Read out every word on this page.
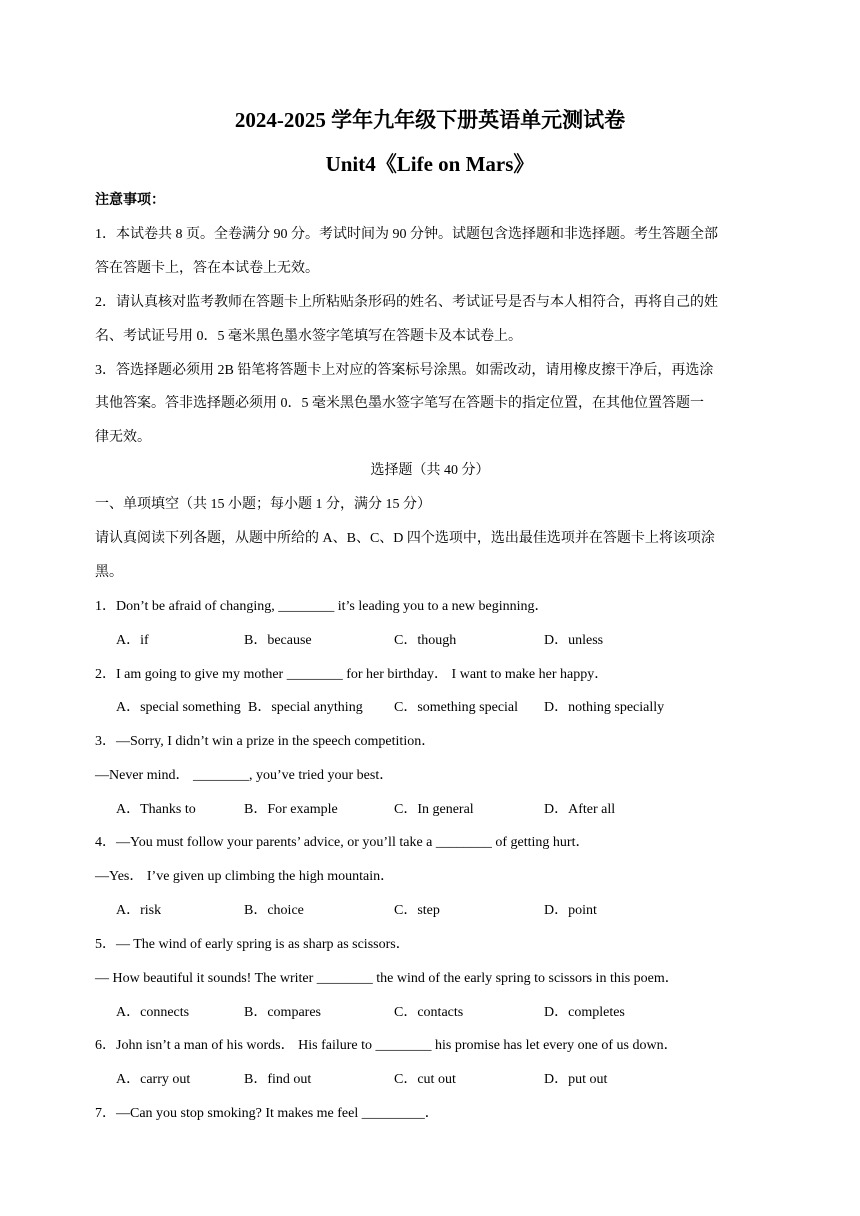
2024-2025 学年九年级下册英语单元测试卷
Unit4《Life on Mars》
注意事项：
1．本试卷共 8 页。全卷满分 90 分。考试时间为 90 分钟。试题包含选择题和非选择题。考生答题全部
答在答题卡上，答在本试卷上无效。
2．请认真核对监考教师在答题卡上所粘贴条形码的姓名、考试证号是否与本人相符合，再将自己的姓
名、考试证号用 0．5 毫米黑色墨水签字笔填写在答题卡及本试卷上。
3．答选择题必须用 2B 铅笔将答题卡上对应的答案标号涂黑。如需改动，请用橡皮擦干净后，再选涂
其他答案。答非选择题必须用 0．5 毫米黑色墨水签字笔写在答题卡的指定位置，在其他位置答题一
律无效。
选择题（共 40 分）
一、单项填空（共 15 小题；每小题 1 分，满分 15 分）
请认真阅读下列各题，从题中所给的 A、B、C、D 四个选项中，选出最佳选项并在答题卡上将该项涂
黑。
1．Don’t be afraid of changing, ________ it’s leading you to a new beginning．
A．if	B．because	C．though	D．unless
2．I am going to give my mother ________ for her birthday． I want to make her happy．
A．special something B．special anything C．something special D．nothing specially
3．—Sorry, I didn’t win a prize in the speech competition．
—Never mind． ________, you’ve tried your best．
A．Thanks to	B．For example	C．In general	D．After all
4．—You must follow your parents’ advice, or you’ll take a ________ of getting hurt．
—Yes． I’ve given up climbing the high mountain．
A．risk	B．choice	C．step	D．point
5．— The wind of early spring is as sharp as scissors．
— How beautiful it sounds! The writer ________ the wind of the early spring to scissors in this poem．
A．connects	B．compares	C．contacts	D．completes
6．John isn’t a man of his words． His failure to ________ his promise has let every one of us down．
A．carry out	B．find out	C．cut out	D．put out
7．—Can you stop smoking? It makes me feel _________．
